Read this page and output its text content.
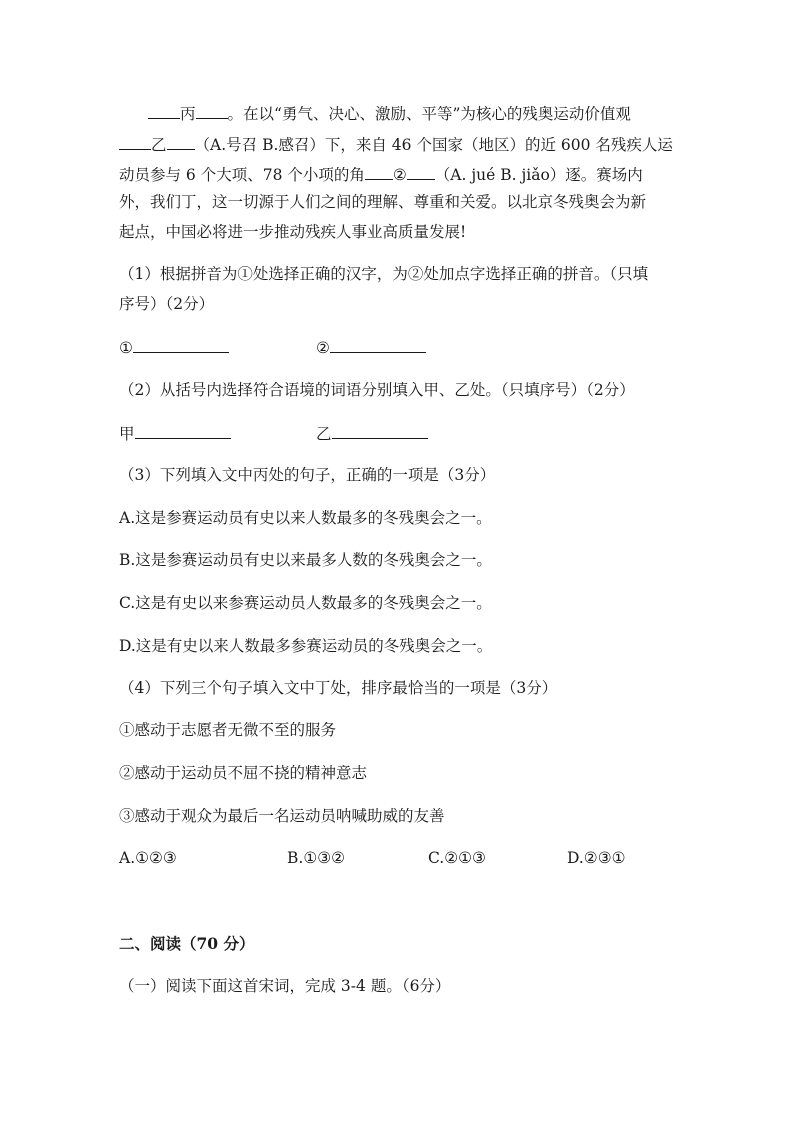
丙 。在以“勇气、决心、激励、平等”为核心的残奥运动价值观
乙 （A.号召 B.感召）下，来自 46 个国家（地区）的近 600 名残疾人运
动员参与 6 个大项、78 个小项的角 ② （A. jué B. jiǎo）逐。赛场内
外，我们丁，这一切源于人们之间的理解、尊重和关爱。以北京冬残奥会为新
起点，中国必将进一步推动残疾人事业高质量发展!
（1）根据拼音为①处选择正确的汉字，为②处加点字选择正确的拼音。（只填
序号）（2分）
①	②
（2）从括号内选择符合语境的词语分别填入甲、乙处。（只填序号）（2分）
甲	乙
（3）下列填入文中丙处的句子，正确的一项是（3分）
A.这是参赛运动员有史以来人数最多的冬残奥会之一。
B.这是参赛运动员有史以来最多人数的冬残奥会之一。
C.这是有史以来参赛运动员人数最多的冬残奥会之一。
D.这是有史以来人数最多参赛运动员的冬残奥会之一。
（4）下列三个句子填入文中丁处，排序最恰当的一项是（3分）
①感动于志愿者无微不至的服务
②感动于运动员不屈不挠的精神意志
③感动于观众为最后一名运动员呐喊助威的友善
A.①②③	B.①③②	C.②①③	D.②③①
二、阅读（70 分）
（一）阅读下面这首宋词，完成 3-4 题。（6分）
